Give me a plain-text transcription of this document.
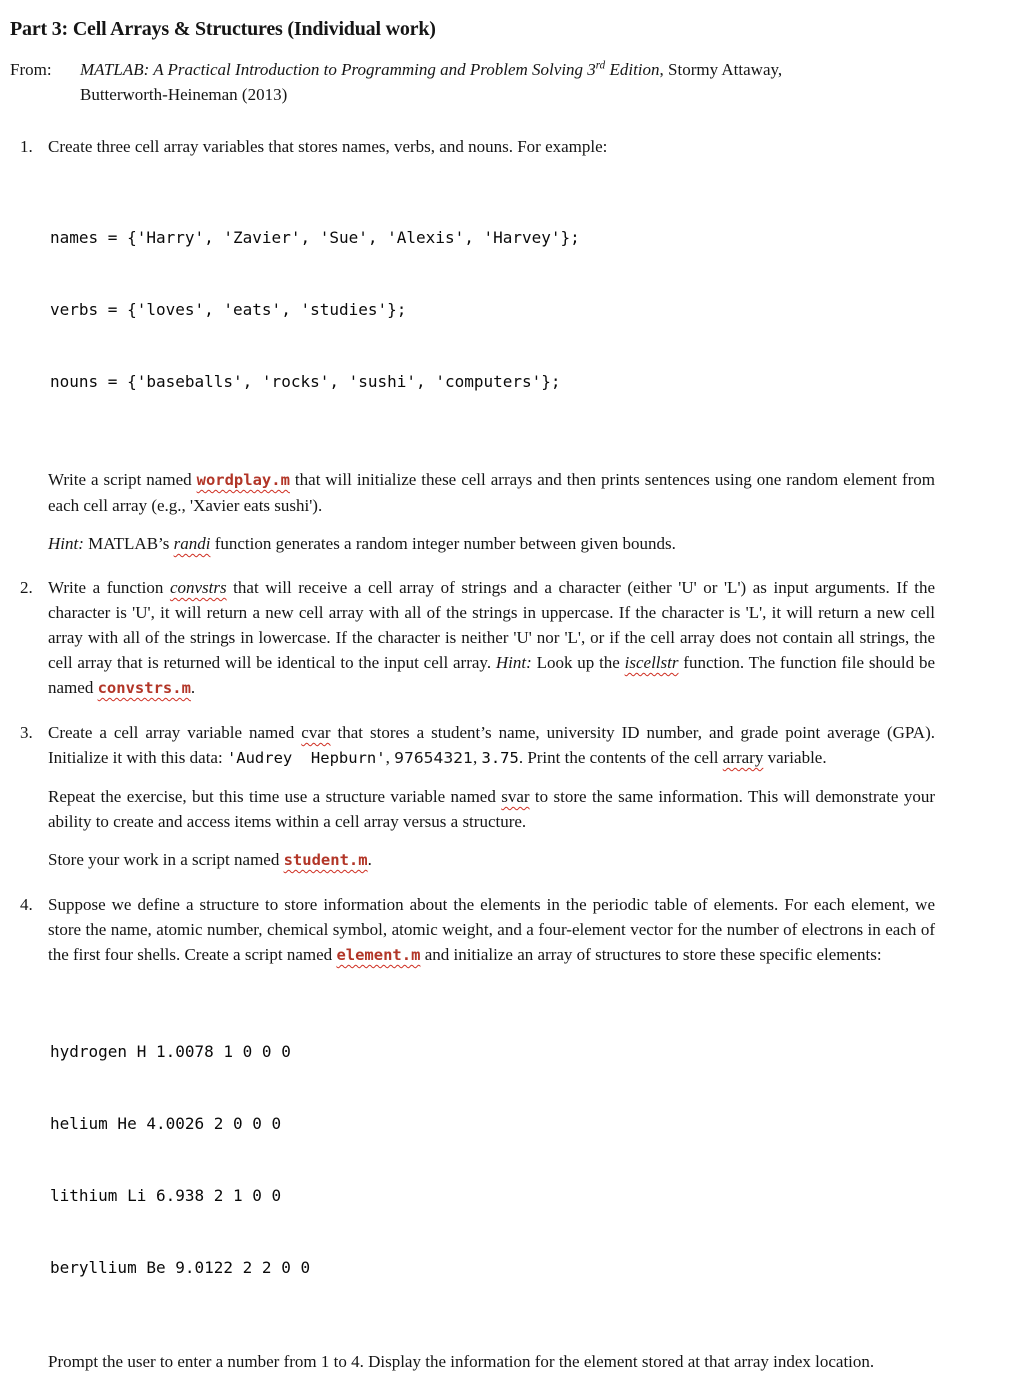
Part 3: Cell Arrays & Structures (Individual work)
From:	MATLAB: A Practical Introduction to Programming and Problem Solving 3rd Edition, Stormy Attaway,
Butterworth-Heineman (2013)
1. Create three cell array variables that stores names, verbs, and nouns. For example:

names = {'Harry', 'Zavier', 'Sue', 'Alexis', 'Harvey'};

verbs = {'loves', 'eats', 'studies'};

nouns = {'baseballs', 'rocks', 'sushi', 'computers'};

Write a script named wordplay.m that will initialize these cell arrays and then prints sentences using one random element from each cell array (e.g., 'Xavier eats sushi').
Hint: MATLAB’s randi function generates a random integer number between given bounds.
2. Write a function convstrs that will receive a cell array of strings and a character (either 'U' or 'L') as input arguments. If the character is 'U', it will return a new cell array with all of the strings in uppercase. If the character is 'L', it will return a new cell array with all of the strings in lowercase. If the character is neither 'U' nor 'L', or if the cell array does not contain all strings, the cell array that is returned will be identical to the input cell array. Hint: Look up the iscellstr function. The function file should be named convstrs.m.
3. Create a cell array variable named cvar that stores a student’s name, university ID number, and grade point average (GPA). Initialize it with this data: 'Audrey  Hepburn', 97654321, 3.75. Print the contents of the cell arrary variable.
Repeat the exercise, but this time use a structure variable named svar to store the same information. This will demonstrate your ability to create and access items within a cell array versus a structure.
Store your work in a script named student.m.
4. Suppose we define a structure to store information about the elements in the periodic table of elements. For each element, we store the name, atomic number, chemical symbol, atomic weight, and a four-element vector for the number of electrons in each of the first four shells. Create a script named element.m and initialize an array of structures to store these specific elements:

hydrogen H 1.0078 1 0 0 0

helium He 4.0026 2 0 0 0

lithium Li 6.938 2 1 0 0

beryllium Be 9.0122 2 2 0 0

Prompt the user to enter a number from 1 to 4. Display the information for the element stored at that array index location.
